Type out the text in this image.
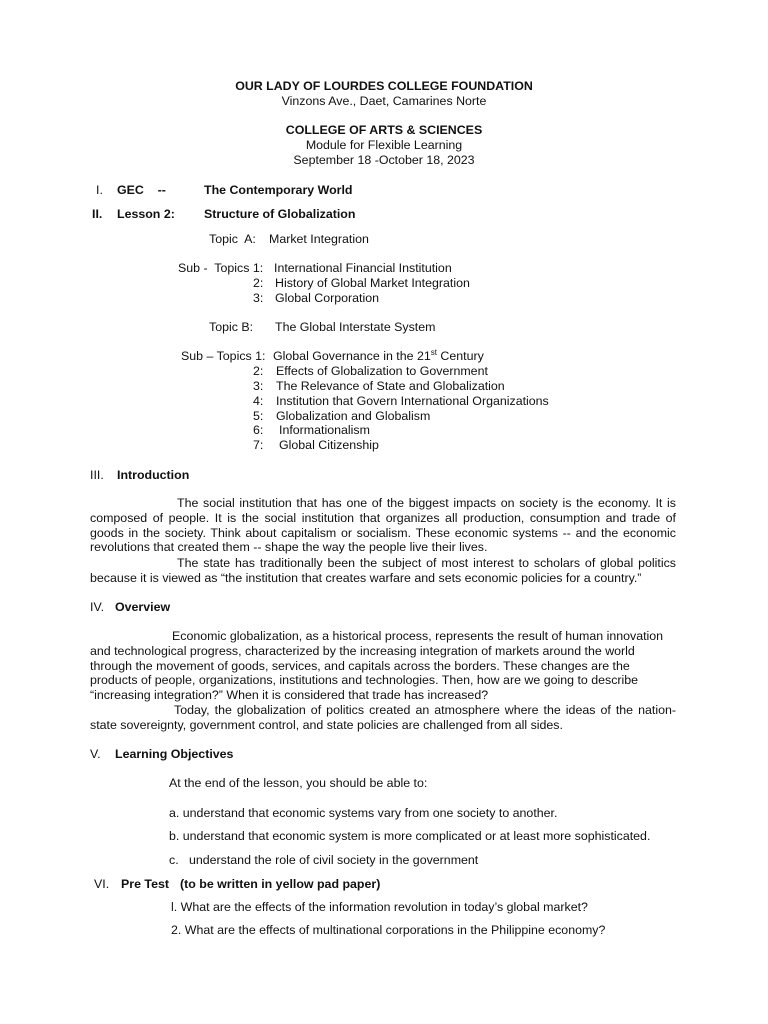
OUR LADY OF LOURDES COLLEGE FOUNDATION
Vinzons Ave., Daet, Camarines Norte
COLLEGE OF ARTS & SCIENCES
Module for Flexible Learning
September 18 -October 18, 2023
I. GEC    --	The Contemporary World
II. Lesson 2: Structure of Globalization
Topic  A: Market Integration
Sub -  Topics 1: International Financial Institution
2: History of Global Market Integration
3: Global Corporation
Topic B: The Global Interstate System
Sub – Topics 1: Global Governance in the 21st Century
2: Effects of Globalization to Government
3: The Relevance of State and Globalization
4: Institution that Govern International Organizations
5: Globalization and Globalism
6: Informationalism
7: Global Citizenship
III. Introduction
The social institution that has one of the biggest impacts on society is the economy. It is composed of people. It is the social institution that organizes all production, consumption and trade of goods in the society. Think about capitalism or socialism. These economic systems -- and the economic revolutions that created them -- shape the way the people live their lives.
The state has traditionally been the subject of most interest to scholars of global politics because it is viewed as “the institution that creates warfare and sets economic policies for a country.”
IV. Overview
Economic globalization, as a historical process, represents the result of human innovation and technological progress, characterized by the increasing integration of markets around the world through the movement of goods, services, and capitals across the borders. These changes are the products of people, organizations, institutions and technologies. Then, how are we going to describe “increasing integration?” When it is considered that trade has increased?
Today, the globalization of politics created an atmosphere where the ideas of the nation-state sovereignty, government control, and state policies are challenged from all sides.
V. Learning Objectives
At the end of the lesson, you should be able to:
a. understand that economic systems vary from one society to another.
b. understand that economic system is more complicated or at least more sophisticated.
c.   understand the role of civil society in the government
VI. Pre Test (to be written in yellow pad paper)
l. What are the effects of the information revolution in today’s global market?
2. What are the effects of multinational corporations in the Philippine economy?
